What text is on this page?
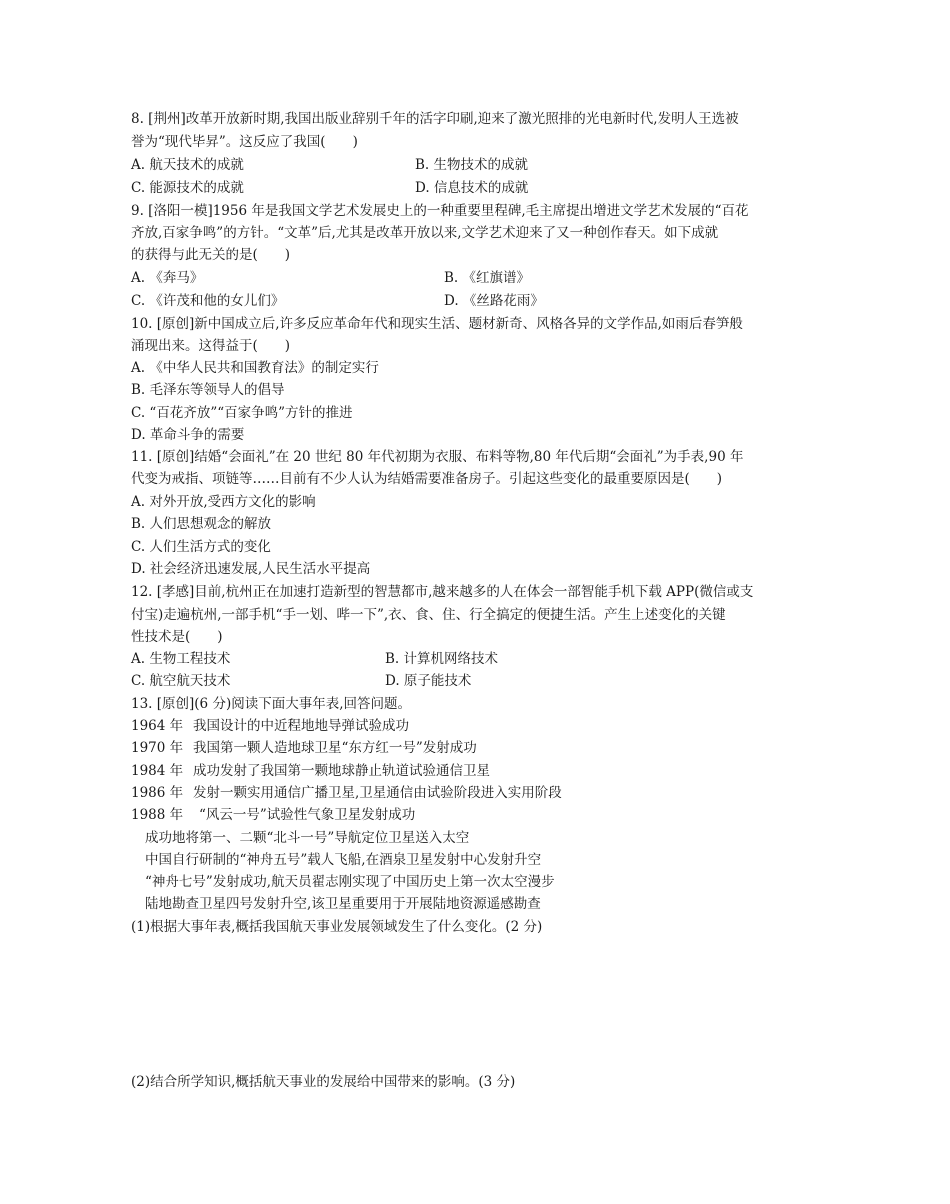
8. [荆州]改革开放新时期,我国出版业辞别千年的活字印刷,迎来了激光照排的光电新时代,发明人王选被
誉为“现代毕昇”。这反应了我国(　　)
A. 航天技术的成就	B. 生物技术的成就
C. 能源技术的成就	D. 信息技术的成就
9. [洛阳一模]1956 年是我国文学艺术发展史上的一种重要里程碑,毛主席提出增进文学艺术发展的“百花
齐放,百家争鸣”的方针。“文革”后,尤其是改革开放以来,文学艺术迎来了又一种创作春天。如下成就
的获得与此无关的是(　　)
A. 《奔马》	B. 《红旗谱》
C. 《许茂和他的女儿们》	D. 《丝路花雨》
10. [原创]新中国成立后,许多反应革命年代和现实生活、题材新奇、风格各异的文学作品,如雨后春笋般
涌现出来。这得益于(　　)
A. 《中华人民共和国教育法》的制定实行
B. 毛泽东等领导人的倡导
C. “百花齐放”“百家争鸣”方针的推进
D. 革命斗争的需要
11. [原创]结婚“会面礼”在 20 世纪 80 年代初期为衣服、布料等物,80 年代后期“会面礼”为手表,90 年
代变为戒指、项链等……目前有不少人认为结婚需要准备房子。引起这些变化的最重要原因是(　　)
A. 对外开放,受西方文化的影响
B. 人们思想观念的解放
C. 人们生活方式的变化
D. 社会经济迅速发展,人民生活水平提高
12. [孝感]目前,杭州正在加速打造新型的智慧都市,越来越多的人在体会一部智能手机下载 APP(微信或支
付宝)走遍杭州,一部手机“手一划、哔一下”,衣、食、住、行全搞定的便捷生活。产生上述变化的关键
性技术是(　　)
A. 生物工程技术	B. 计算机网络技术
C. 航空航天技术	D. 原子能技术
13. [原创](6 分)阅读下面大事年表,回答问题。
1964 年 我国设计的中近程地地导弹试验成功
1970 年 我国第一颗人造地球卫星“东方红一号”发射成功
1984 年 成功发射了我国第一颗地球静止轨道试验通信卫星
1986 年 发射一颗实用通信广播卫星,卫星通信由试验阶段进入实用阶段
1988 年 “风云一号”试验性气象卫星发射成功
成功地将第一、二颗“北斗一号”导航定位卫星送入太空
中国自行研制的“神舟五号”载人飞船,在酒泉卫星发射中心发射升空
“神舟七号”发射成功,航天员翟志刚实现了中国历史上第一次太空漫步
陆地勘查卫星四号发射升空,该卫星重要用于开展陆地资源遥感勘查
(1)根据大事年表,概括我国航天事业发展领域发生了什么变化。(2 分)
(2)结合所学知识,概括航天事业的发展给中国带来的影响。(3 分)
